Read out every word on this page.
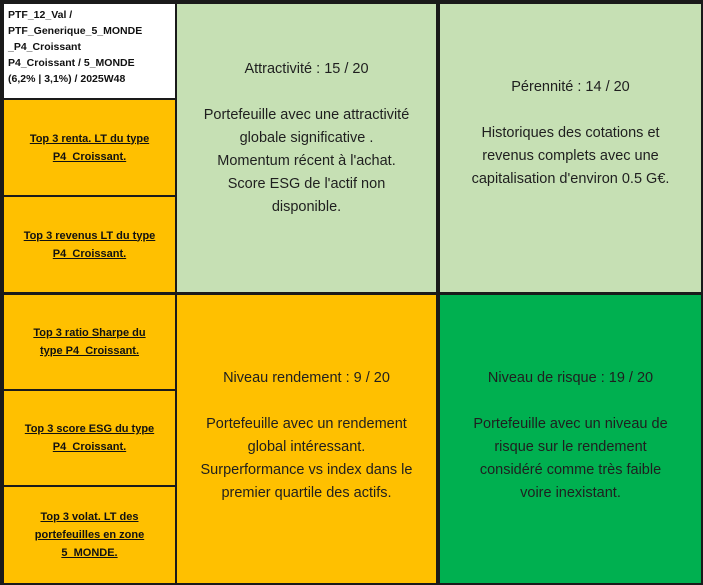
PTF_12_Val /
PTF_Generique_5_MONDE
_P4_Croissant
P4_Croissant / 5_MONDE
(6,2% | 3,1%) / 2025W48
Top 3 renta. LT du type
P4_Croissant.
Top 3 revenus LT du type
P4_Croissant.
Top 3 ratio Sharpe du
type P4_Croissant.
Top 3 score ESG du type
P4_Croissant.
Top 3 volat. LT des
portefeuilles en zone
5_MONDE.
Attractivité : 15 / 20
Portefeuille avec une attractivité
globale significative .
Momentum récent à l'achat.
Score ESG de l'actif non
disponible.
Pérennité : 14 / 20
Historiques des cotations et
revenus complets avec une
capitalisation d'environ 0.5 G€.
Niveau rendement : 9 / 20
Portefeuille avec un rendement
global intéressant.
Surperformance vs index dans le
premier quartile des actifs.
Niveau de risque : 19 / 20
Portefeuille avec un niveau de
risque sur le rendement
considéré comme très faible
voire inexistant.
